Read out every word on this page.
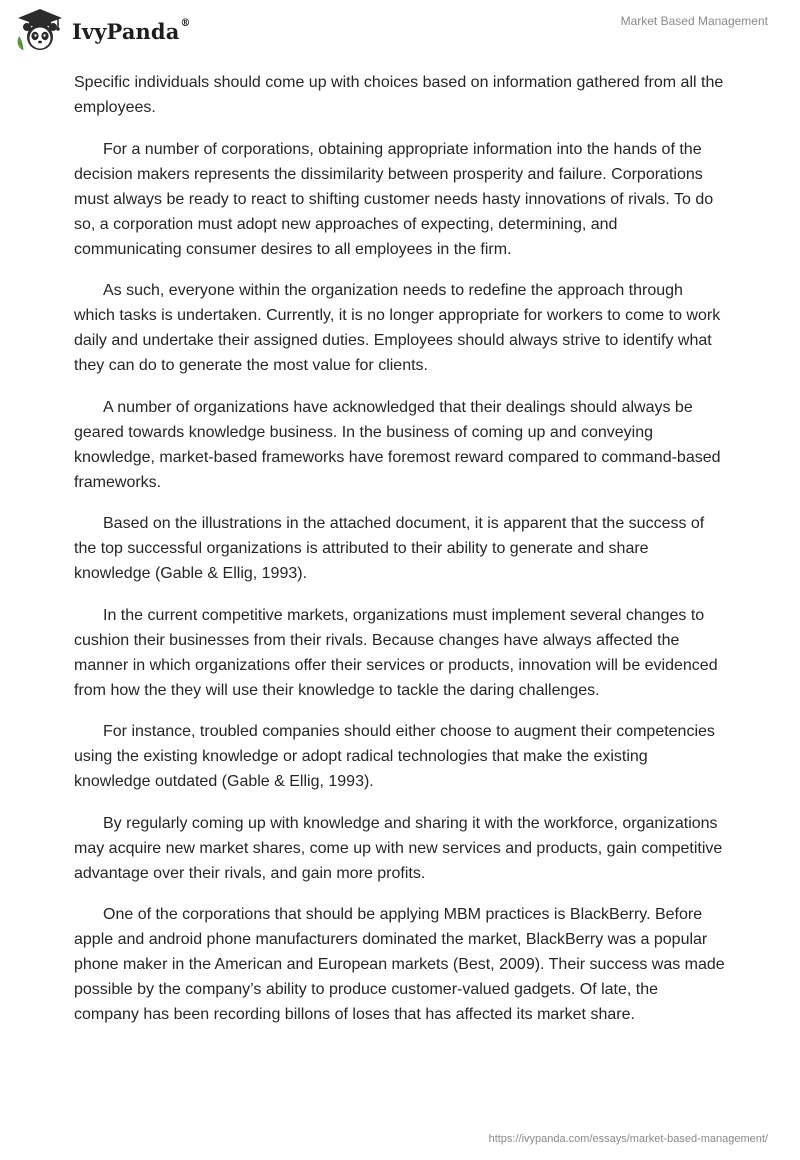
IvyPanda®	Market Based Management

Specific individuals should come up with choices based on information gathered from all the employees.

For a number of corporations, obtaining appropriate information into the hands of the decision makers represents the dissimilarity between prosperity and failure. Corporations must always be ready to react to shifting customer needs hasty innovations of rivals. To do so, a corporation must adopt new approaches of expecting, determining, and communicating consumer desires to all employees in the firm.

As such, everyone within the organization needs to redefine the approach through which tasks is undertaken. Currently, it is no longer appropriate for workers to come to work daily and undertake their assigned duties. Employees should always strive to identify what they can do to generate the most value for clients.

A number of organizations have acknowledged that their dealings should always be geared towards knowledge business. In the business of coming up and conveying knowledge, market-based frameworks have foremost reward compared to command-based frameworks.

Based on the illustrations in the attached document, it is apparent that the success of the top successful organizations is attributed to their ability to generate and share knowledge (Gable & Ellig, 1993).

In the current competitive markets, organizations must implement several changes to cushion their businesses from their rivals. Because changes have always affected the manner in which organizations offer their services or products, innovation will be evidenced from how the they will use their knowledge to tackle the daring challenges.

For instance, troubled companies should either choose to augment their competencies using the existing knowledge or adopt radical technologies that make the existing knowledge outdated (Gable & Ellig, 1993).

By regularly coming up with knowledge and sharing it with the workforce, organizations may acquire new market shares, come up with new services and products, gain competitive advantage over their rivals, and gain more profits.

One of the corporations that should be applying MBM practices is BlackBerry. Before apple and android phone manufacturers dominated the market, BlackBerry was a popular phone maker in the American and European markets (Best, 2009). Their success was made possible by the company’s ability to produce customer-valued gadgets. Of late, the company has been recording billons of loses that has affected its market share.

https://ivypanda.com/essays/market-based-management/
